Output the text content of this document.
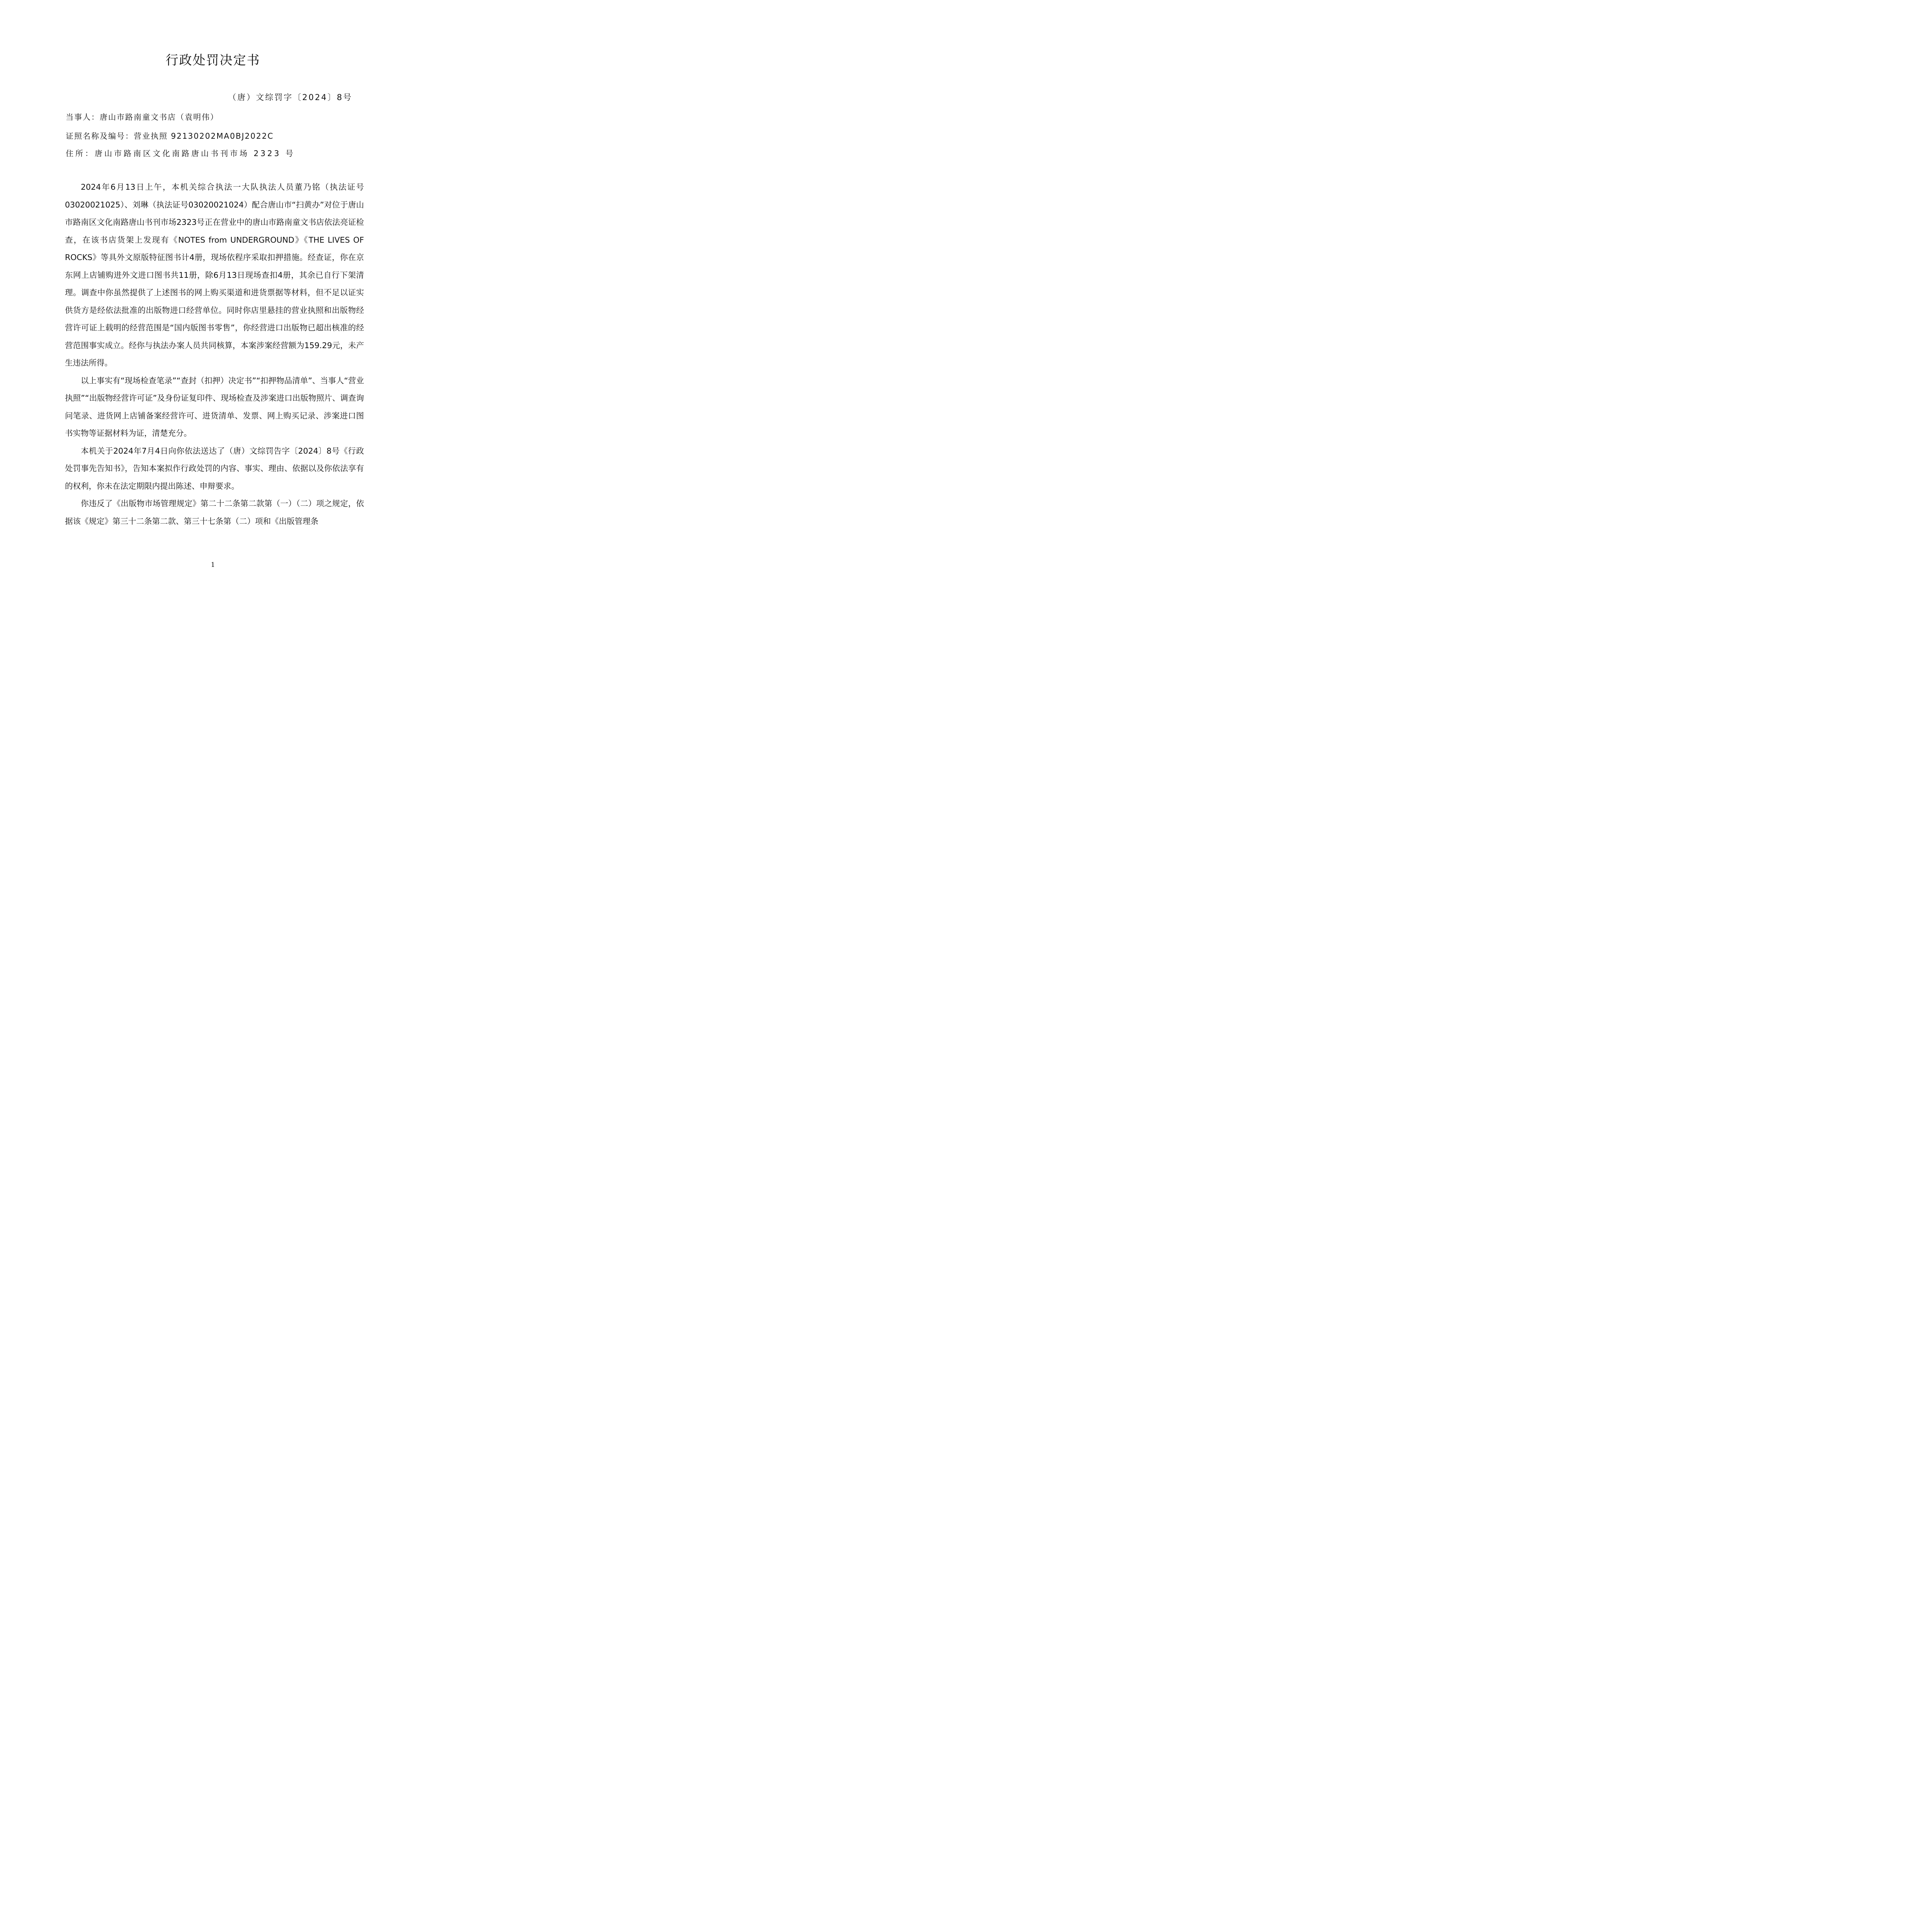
行政处罚决定书
（唐）文综罚字〔2024〕8号
当事人：唐山市路南童文书店（袁明伟）
证照名称及编号：营业执照 92130202MA0BJ2022C
住所：唐山市路南区文化南路唐山书刊市场 2323 号

2024年6月13日上午，本机关综合执法一大队执法人员董乃铭（执法证号03020021025）、刘琳（执法证号03020021024）配合唐山市“扫黄办”对位于唐山市路南区文化南路唐山书刊市场2323号正在营业中的唐山市路南童文书店依法亮证检查，在该书店货架上发现有《NOTES from UNDERGROUND》《THE LIVES OF ROCKS》等具外文原版特征图书计4册，现场依程序采取扣押措施。经查证，你在京东网上店铺购进外文进口图书共11册，除6月13日现场查扣4册，其余已自行下架清理。调查中你虽然提供了上述图书的网上购买渠道和进货票据等材料，但不足以证实供货方是经依法批准的出版物进口经营单位。同时你店里悬挂的营业执照和出版物经营许可证上载明的经营范围是“国内版图书零售”，你经营进口出版物已超出核准的经营范围事实成立。经你与执法办案人员共同核算，本案涉案经营额为159.29元，未产生违法所得。

以上事实有“现场检查笔录”“查封（扣押）决定书”“扣押物品清单”、当事人“营业执照”“出版物经营许可证”及身份证复印件、现场检查及涉案进口出版物照片、调查询问笔录、进货网上店铺备案经营许可、进货清单、发票、网上购买记录、涉案进口图书实物等证据材料为证，清楚充分。

本机关于2024年7月4日向你依法送达了（唐）文综罚告字〔2024〕8号《行政处罚事先告知书》，告知本案拟作行政处罚的内容、事实、理由、依据以及你依法享有的权利，你未在法定期限内提出陈述、申辩要求。

你违反了《出版物市场管理规定》第二十二条第二款第（一）（二）项之规定，依据该《规定》第三十二条第二款、第三十七条第（二）项和《出版管理条

1
